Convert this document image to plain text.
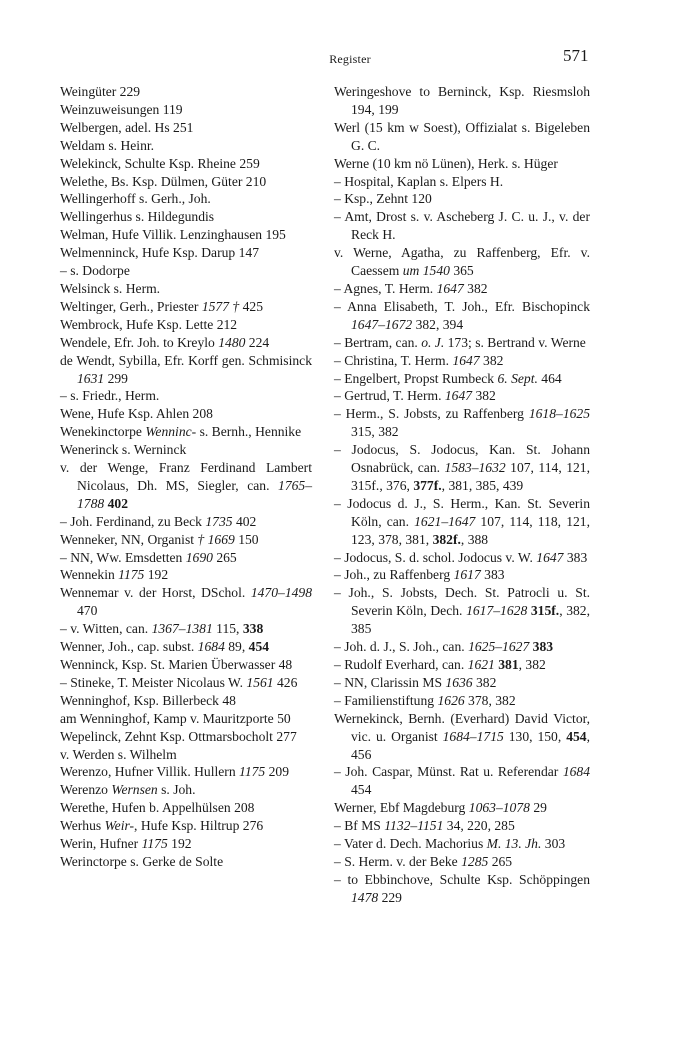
Register	571
Weingüter 229
Weinzuweisungen 119
Welbergen, adel. Hs 251
Weldam s. Heinr.
Welekinck, Schulte Ksp. Rheine 259
Welethe, Bs. Ksp. Dülmen, Güter 210
Wellingerhoff s. Gerh., Joh.
Wellingerhus s. Hildegundis
Welman, Hufe Villik. Lenzinghausen 195
Welmenninck, Hufe Ksp. Darup 147
– s. Dodorpe
Welsinck s. Herm.
Weltinger, Gerh., Priester 1577 † 425
Wembrock, Hufe Ksp. Lette 212
Wendele, Efr. Joh. to Kreylo 1480 224
de Wendt, Sybilla, Efr. Korff gen. Schmisinck 1631 299
– s. Friedr., Herm.
Wene, Hufe Ksp. Ahlen 208
Wenekinctorpe Wenninc- s. Bernh., Hennike
Wenerinck s. Werninck
v. der Wenge, Franz Ferdinand Lambert Nicolaus, Dh. MS, Siegler, can. 1765–1788 402
– Joh. Ferdinand, zu Beck 1735 402
Wenneker, NN, Organist † 1669 150
– NN, Ww. Emsdetten 1690 265
Wennekin 1175 192
Wennemar v. der Horst, DSchol. 1470–1498 470
– v. Witten, can. 1367–1381 115, 338
Wenner, Joh., cap. subst. 1684 89, 454
Wenninck, Ksp. St. Marien Überwasser 48
– Stineke, T. Meister Nicolaus W. 1561 426
Wenninghof, Ksp. Billerbeck 48
am Wenninghof, Kamp v. Mauritzporte 50
Wepelinck, Zehnt Ksp. Ottmarsbocholt 277
v. Werden s. Wilhelm
Werenzo, Hufner Villik. Hullern 1175 209
Werenzo Wernsen s. Joh.
Werethe, Hufen b. Appelhülsen 208
Werhus Weir-, Hufe Ksp. Hiltrup 276
Werin, Hufner 1175 192
Werinctorpe s. Gerke de Solte
Weringeshove to Berninck, Ksp. Riesmsloh 194, 199
Werl (15 km w Soest), Offizialat s. Bigeleben G. C.
Werne (10 km nö Lünen), Herk. s. Hüger
– Hospital, Kaplan s. Elpers H.
– Ksp., Zehnt 120
– Amt, Drost s. v. Ascheberg J. C. u. J., v. der Reck H.
v. Werne, Agatha, zu Raffenberg, Efr. v. Caessem um 1540 365
– Agnes, T. Herm. 1647 382
– Anna Elisabeth, T. Joh., Efr. Bischopinck 1647–1672 382, 394
– Bertram, can. o. J. 173; s. Bertrand v. Werne
– Christina, T. Herm. 1647 382
– Engelbert, Propst Rumbeck 6. Sept. 464
– Gertrud, T. Herm. 1647 382
– Herm., S. Jobsts, zu Raffenberg 1618–1625 315, 382
– Jodocus, S. Jodocus, Kan. St. Johann Osnabrück, can. 1583–1632 107, 114, 121, 315f., 376, 377f., 381, 385, 439
– Jodocus d. J., S. Herm., Kan. St. Severin Köln, can. 1621–1647 107, 114, 118, 121, 123, 378, 381, 382f., 388
– Jodocus, S. d. schol. Jodocus v. W. 1647 383
– Joh., zu Raffenberg 1617 383
– Joh., S. Jobsts, Dech. St. Patrocli u. St. Severin Köln, Dech. 1617–1628 315f., 382, 385
– Joh. d. J., S. Joh., can. 1625–1627 383
– Rudolf Everhard, can. 1621 381, 382
– NN, Clarissin MS 1636 382
– Familienstiftung 1626 378, 382
Wernekinck, Bernh. (Everhard) David Victor, vic. u. Organist 1684–1715 130, 150, 454, 456
– Joh. Caspar, Münst. Rat u. Referendar 1684 454
Werner, Ebf Magdeburg 1063–1078 29
– Bf MS 1132–1151 34, 220, 285
– Vater d. Dech. Machorius M. 13. Jh. 303
– S. Herm. v. der Beke 1285 265
– to Ebbinchove, Schulte Ksp. Schöppingen 1478 229
